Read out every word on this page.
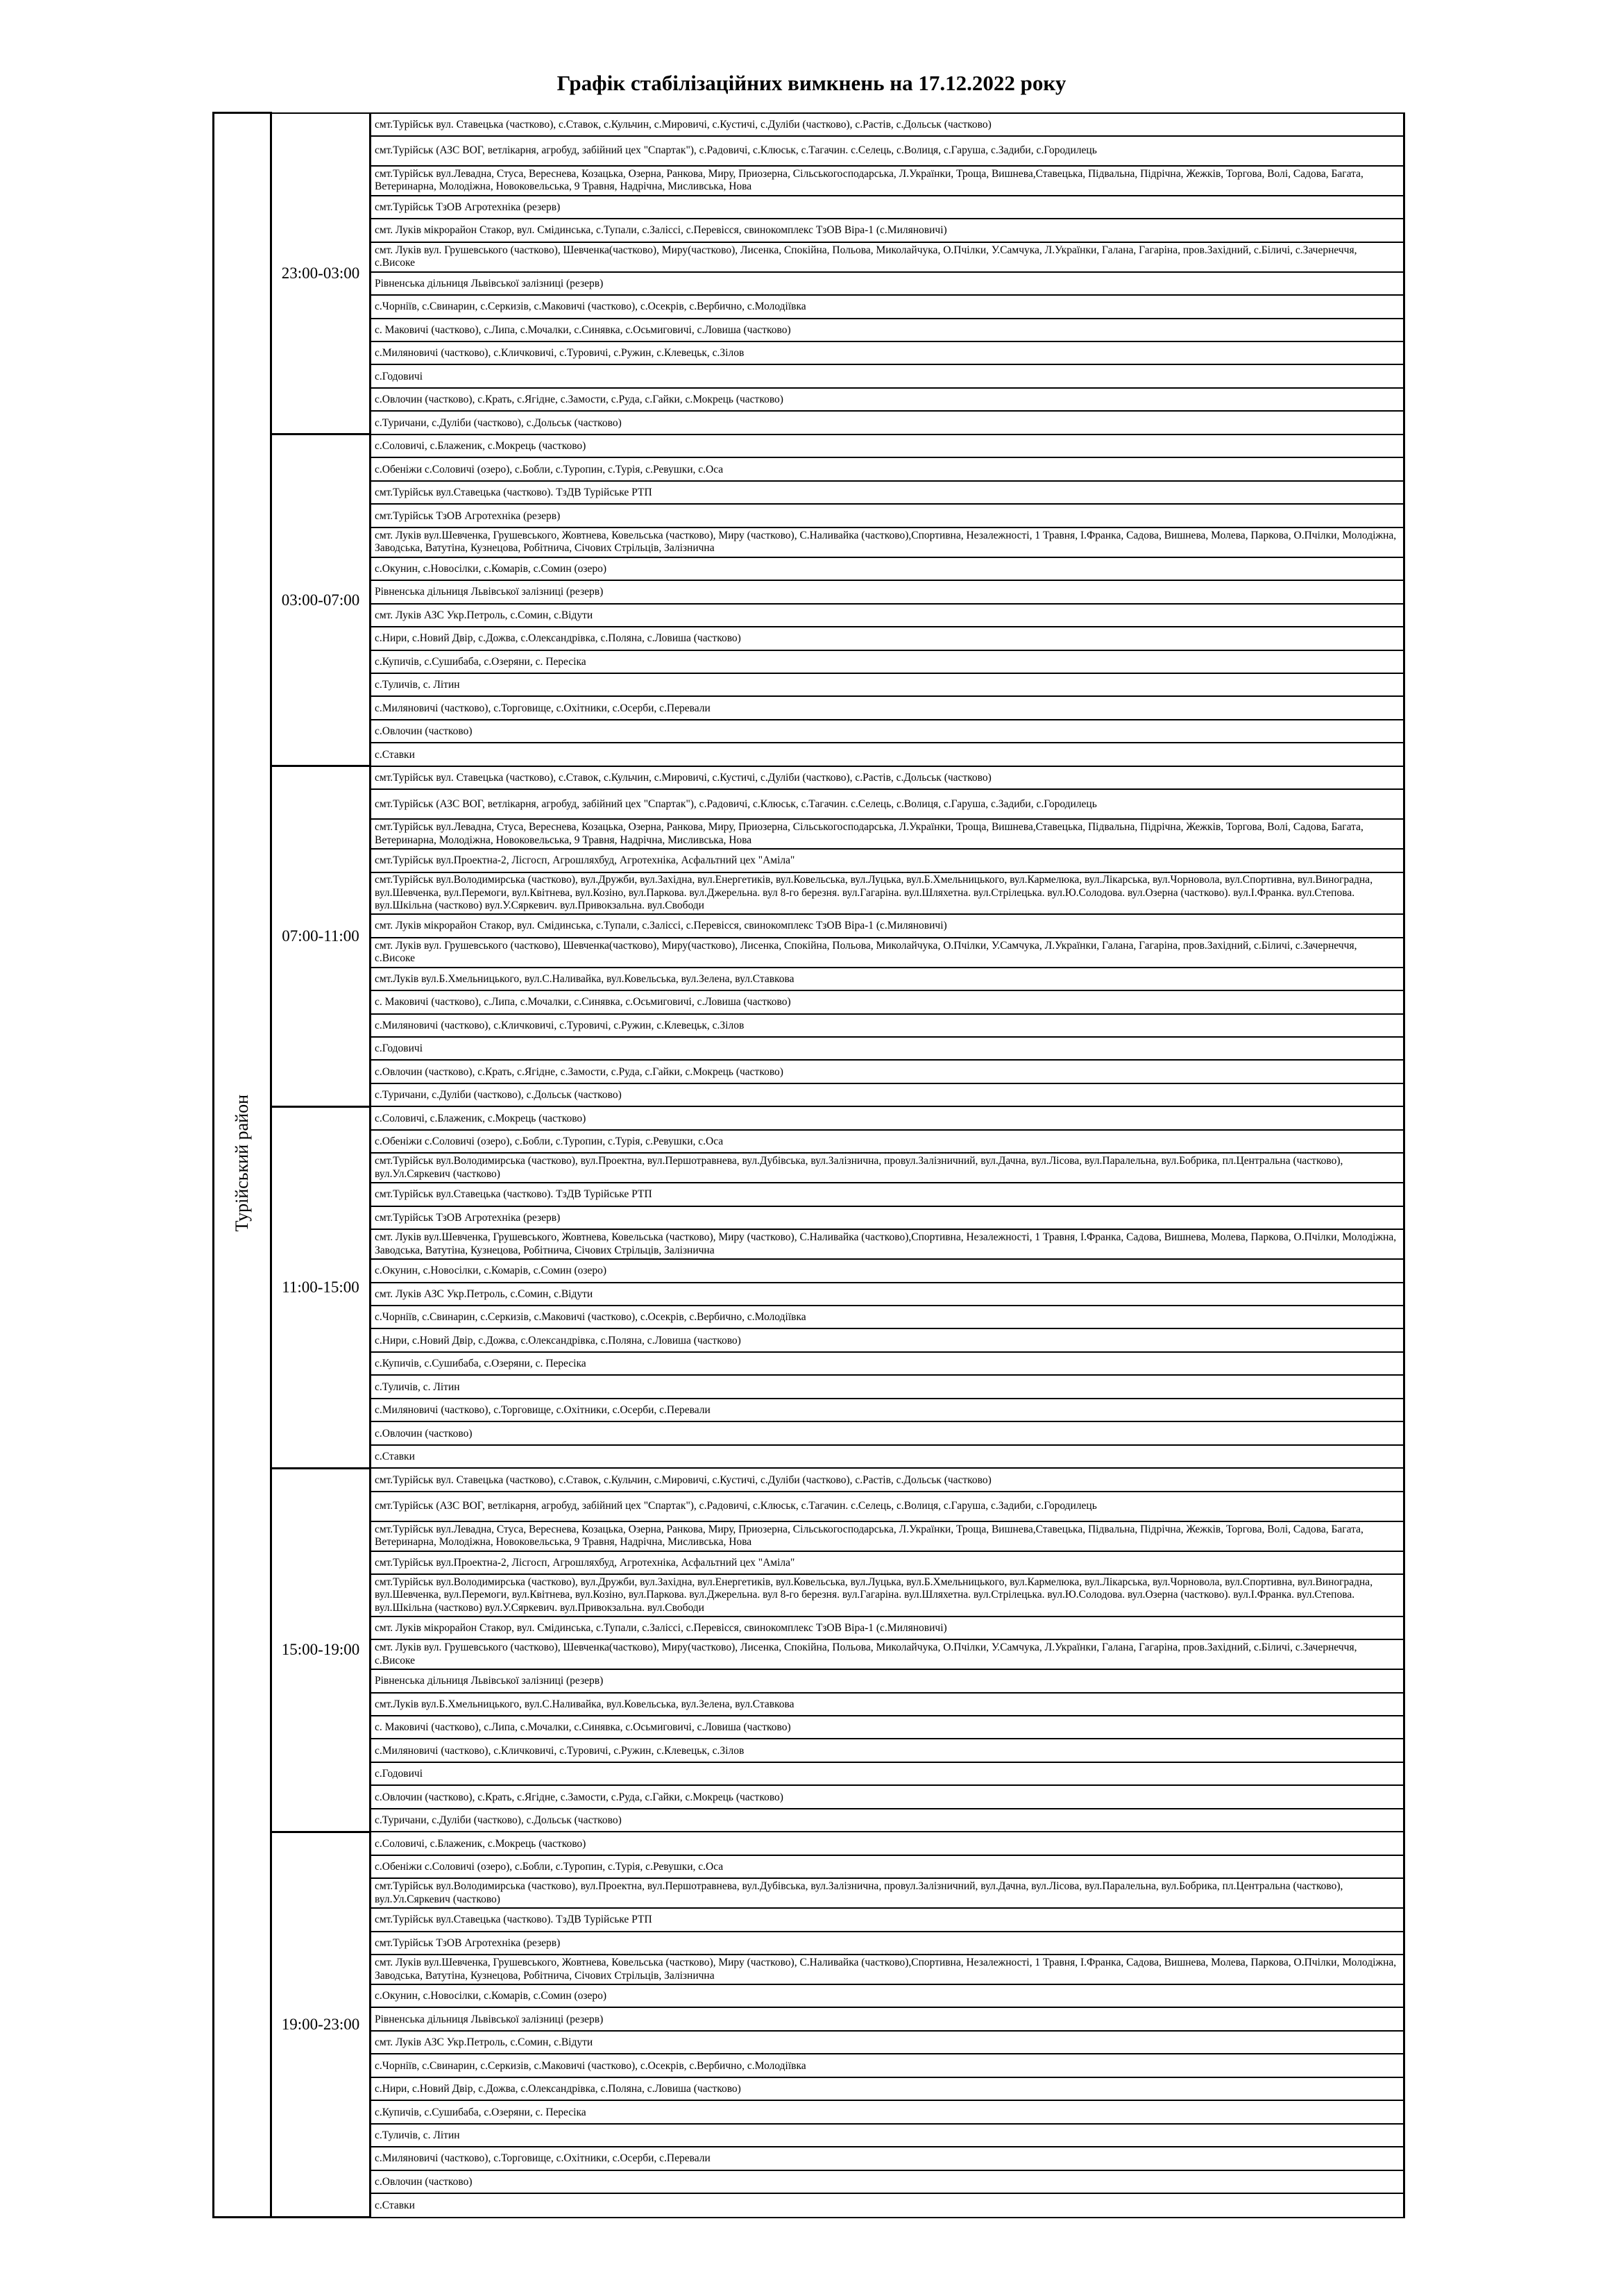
Графік стабілізаційних вимкнень на 17.12.2022 року
Турійський район	23:00-03:00	смт.Турійськ вул. Ставецька (частково), с.Ставок, с.Кульчин, с.Мировичі, с.Кустичі, с.Дуліби (частково), с.Растів, с.Дольськ (частково)
		смт.Турійськ (АЗС ВОГ, ветлікарня, агробуд, забійний цех "Спартак"), с.Радовичі, с.Клюськ, с.Тагачин. с.Селець, с.Волиця, с.Гаруша, с.Задиби, с.Городилець
		смт.Турійськ вул.Левадна, Стуса, Вереснева, Козацька, Озерна, Ранкова, Миру, Приозерна, Сільськогосподарська, Л.Українки, Троща, Вишнева,Ставецька, Підвальна, Підрічна, Жежків, Торгова, Волі, Садова, Багата, Ветеринарна, Молодіжна, Новоковельська, 9 Травня, Надрічна, Мисливська, Нова
		смт.Турійськ ТзОВ Агротехніка (резерв)
		смт. Луків мікрорайон Стакор, вул. Смідинська, с.Тупали, с.Заліссі, с.Перевісся, свинокомплекс ТзОВ Віра-1 (с.Миляновичі)
		смт. Луків вул. Грушевського (частково), Шевченка(частково), Миру(частково), Лисенка, Спокійна, Польова, Миколайчука, О.Пчілки, У.Самчука, Л.Українки, Галана, Гагаріна, пров.Західний, с.Біличі, с.Зачернеччя, с.Високе
		Рівненська дільниця Львівської залізниці (резерв)
		с.Чорніїв, с.Свинарин, с.Серкизів, с.Маковичі (частково), с.Осекрів, с.Вербично, с.Молодіївка
		с. Маковичі (частково), с.Липа, с.Мочалки, с.Синявка, с.Осьмиговичі, с.Ловиша (частково)
		с.Миляновичі (частково), с.Кличковичі, с.Туровичі, с.Ружин, с.Клевецьк, с.Зілов
		с.Годовичі
		с.Овлочин (частково), с.Крать, с.Ягідне, с.Замости, с.Руда, с.Гайки, с.Мокрець (частково)
		с.Туричани, с.Дуліби (частково), с.Дольськ (частково)
	03:00-07:00	с.Соловичі, с.Блаженик, с.Мокрець (частково)
		с.Обеніжи с.Соловичі (озеро), с.Бобли, с.Туропин, с.Турія, с.Ревушки, с.Оса
		смт.Турійськ вул.Ставецька (частково). ТзДВ Турійське РТП
		смт.Турійськ ТзОВ Агротехніка (резерв)
		смт. Луків вул.Шевченка, Грушевського, Жовтнева, Ковельська (частково), Миру (частково), С.Наливайка (частково),Спортивна, Незалежності, 1 Травня, І.Франка, Садова, Вишнева, Молева, Паркова, О.Пчілки, Молодіжна, Заводська, Ватутіна, Кузнецова, Робітнича, Січових Стрільців, Залізнична
		с.Окунин, с.Новосілки, с.Комарів, с.Сомин (озеро)
		Рівненська дільниця Львівської залізниці (резерв)
		смт. Луків АЗС Укр.Петроль, с.Сомин, с.Відути
		с.Нири, с.Новий Двір, с.Дожва, с.Олександрівка, с.Поляна, с.Ловиша (частково)
		с.Купичів, с.Сушибаба, с.Озеряни, с. Пересіка
		с.Туличів, с. Літин
		с.Миляновичі (частково), с.Торговище, с.Охітники, с.Осерби, с.Перевали
		с.Овлочин (частково)
		с.Ставки
	07:00-11:00	смт.Турійськ вул. Ставецька (частково), с.Ставок, с.Кульчин, с.Мировичі, с.Кустичі, с.Дуліби (частково), с.Растів, с.Дольськ (частково)
		смт.Турійськ (АЗС ВОГ, ветлікарня, агробуд, забійний цех "Спартак"), с.Радовичі, с.Клюськ, с.Тагачин. с.Селець, с.Волиця, с.Гаруша, с.Задиби, с.Городилець
		смт.Турійськ вул.Левадна, Стуса, Вереснева, Козацька, Озерна, Ранкова, Миру, Приозерна, Сільськогосподарська, Л.Українки, Троща, Вишнева,Ставецька, Підвальна, Підрічна, Жежків, Торгова, Волі, Садова, Багата, Ветеринарна, Молодіжна, Новоковельська, 9 Травня, Надрічна, Мисливська, Нова
		смт.Турійськ вул.Проектна-2, Лісгосп, Агрошляхбуд, Агротехніка, Асфальтний цех "Аміла"
		смт.Турійськ вул.Володимирська (частково), вул.Дружби, вул.Західна, вул.Енергетиків, вул.Ковельська, вул.Луцька, вул.Б.Хмельницького, вул.Кармелюка, вул.Лікарська, вул.Чорновола, вул.Спортивна, вул.Виноградна, вул.Шевченка, вул.Перемоги, вул.Квітнева, вул.Козіно, вул.Паркова. вул.Джерельна. вул 8-го березня. вул.Гагаріна. вул.Шляхетна. вул.Стрілецька. вул.Ю.Солодова. вул.Озерна (частково). вул.І.Франка. вул.Степова. вул.Шкільна (частково) вул.У.Сяркевич. вул.Привокзальна. вул.Свободи
		смт. Луків мікрорайон Стакор, вул. Смідинська, с.Тупали, с.Заліссі, с.Перевісся, свинокомплекс ТзОВ Віра-1 (с.Миляновичі)
		смт. Луків вул. Грушевського (частково), Шевченка(частково), Миру(частково), Лисенка, Спокійна, Польова, Миколайчука, О.Пчілки, У.Самчука, Л.Українки, Галана, Гагаріна, пров.Західний, с.Біличі, с.Зачернеччя, с.Високе
		смт.Луків вул.Б.Хмельницького, вул.С.Наливайка, вул.Ковельська, вул.Зелена, вул.Ставкова
		с. Маковичі (частково), с.Липа, с.Мочалки, с.Синявка, с.Осьмиговичі, с.Ловиша (частково)
		с.Миляновичі (частково), с.Кличковичі, с.Туровичі, с.Ружин, с.Клевецьк, с.Зілов
		с.Годовичі
		с.Овлочин (частково), с.Крать, с.Ягідне, с.Замости, с.Руда, с.Гайки, с.Мокрець (частково)
		с.Туричани, с.Дуліби (частково), с.Дольськ (частково)
	11:00-15:00	с.Соловичі, с.Блаженик, с.Мокрець (частково)
		с.Обеніжи с.Соловичі (озеро), с.Бобли, с.Туропин, с.Турія, с.Ревушки, с.Оса
		смт.Турійськ вул.Володимирська (частково), вул.Проектна, вул.Першотравнева, вул.Дубівська, вул.Залізнична, провул.Залізничний, вул.Дачна, вул.Лісова, вул.Паралельна, вул.Бобрика, пл.Центральна (частково), вул.Ул.Сяркевич (частково)
		смт.Турійськ вул.Ставецька (частково). ТзДВ Турійське РТП
		смт.Турійськ ТзОВ Агротехніка (резерв)
		смт. Луків вул.Шевченка, Грушевського, Жовтнева, Ковельська (частково), Миру (частково), С.Наливайка (частково),Спортивна, Незалежності, 1 Травня, І.Франка, Садова, Вишнева, Молева, Паркова, О.Пчілки, Молодіжна, Заводська, Ватутіна, Кузнецова, Робітнича, Січових Стрільців, Залізнична
		с.Окунин, с.Новосілки, с.Комарів, с.Сомин (озеро)
		смт. Луків АЗС Укр.Петроль, с.Сомин, с.Відути
		с.Чорніїв, с.Свинарин, с.Серкизів, с.Маковичі (частково), с.Осекрів, с.Вербично, с.Молодіївка
		с.Нири, с.Новий Двір, с.Дожва, с.Олександрівка, с.Поляна, с.Ловиша (частково)
		с.Купичів, с.Сушибаба, с.Озеряни, с. Пересіка
		с.Туличів, с. Літин
		с.Миляновичі (частково), с.Торговище, с.Охітники, с.Осерби, с.Перевали
		с.Овлочин (частково)
		с.Ставки
	15:00-19:00	смт.Турійськ вул. Ставецька (частково), с.Ставок, с.Кульчин, с.Мировичі, с.Кустичі, с.Дуліби (частково), с.Растів, с.Дольськ (частково)
		смт.Турійськ (АЗС ВОГ, ветлікарня, агробуд, забійний цех "Спартак"), с.Радовичі, с.Клюськ, с.Тагачин. с.Селець, с.Волиця, с.Гаруша, с.Задиби, с.Городилець
		смт.Турійськ вул.Левадна, Стуса, Вереснева, Козацька, Озерна, Ранкова, Миру, Приозерна, Сільськогосподарська, Л.Українки, Троща, Вишнева,Ставецька, Підвальна, Підрічна, Жежків, Торгова, Волі, Садова, Багата, Ветеринарна, Молодіжна, Новоковельська, 9 Травня, Надрічна, Мисливська, Нова
		смт.Турійськ вул.Проектна-2, Лісгосп, Агрошляхбуд, Агротехніка, Асфальтний цех "Аміла"
		смт.Турійськ вул.Володимирська (частково), вул.Дружби, вул.Західна, вул.Енергетиків, вул.Ковельська, вул.Луцька, вул.Б.Хмельницького, вул.Кармелюка, вул.Лікарська, вул.Чорновола, вул.Спортивна, вул.Виноградна, вул.Шевченка, вул.Перемоги, вул.Квітнева, вул.Козіно, вул.Паркова. вул.Джерельна. вул 8-го березня. вул.Гагаріна. вул.Шляхетна. вул.Стрілецька. вул.Ю.Солодова. вул.Озерна (частково). вул.І.Франка. вул.Степова. вул.Шкільна (частково) вул.У.Сяркевич. вул.Привокзальна. вул.Свободи
		смт. Луків мікрорайон Стакор, вул. Смідинська, с.Тупали, с.Заліссі, с.Перевісся, свинокомплекс ТзОВ Віра-1 (с.Миляновичі)
		смт. Луків вул. Грушевського (частково), Шевченка(частково), Миру(частково), Лисенка, Спокійна, Польова, Миколайчука, О.Пчілки, У.Самчука, Л.Українки, Галана, Гагаріна, пров.Західний, с.Біличі, с.Зачернеччя, с.Високе
		Рівненська дільниця Львівської залізниці (резерв)
		смт.Луків вул.Б.Хмельницького, вул.С.Наливайка, вул.Ковельська, вул.Зелена, вул.Ставкова
		с. Маковичі (частково), с.Липа, с.Мочалки, с.Синявка, с.Осьмиговичі, с.Ловиша (частково)
		с.Миляновичі (частково), с.Кличковичі, с.Туровичі, с.Ружин, с.Клевецьк, с.Зілов
		с.Годовичі
		с.Овлочин (частково), с.Крать, с.Ягідне, с.Замости, с.Руда, с.Гайки, с.Мокрець (частково)
		с.Туричани, с.Дуліби (частково), с.Дольськ (частково)
	19:00-23:00	с.Соловичі, с.Блаженик, с.Мокрець (частково)
		с.Обеніжи с.Соловичі (озеро), с.Бобли, с.Туропин, с.Турія, с.Ревушки, с.Оса
		смт.Турійськ вул.Володимирська (частково), вул.Проектна, вул.Першотравнева, вул.Дубівська, вул.Залізнична, провул.Залізничний, вул.Дачна, вул.Лісова, вул.Паралельна, вул.Бобрика, пл.Центральна (частково), вул.Ул.Сяркевич (частково)
		смт.Турійськ вул.Ставецька (частково). ТзДВ Турійське РТП
		смт.Турійськ ТзОВ Агротехніка (резерв)
		смт. Луків вул.Шевченка, Грушевського, Жовтнева, Ковельська (частково), Миру (частково), С.Наливайка (частково),Спортивна, Незалежності, 1 Травня, І.Франка, Садова, Вишнева, Молева, Паркова, О.Пчілки, Молодіжна, Заводська, Ватутіна, Кузнецова, Робітнича, Січових Стрільців, Залізнична
		с.Окунин, с.Новосілки, с.Комарів, с.Сомин (озеро)
		Рівненська дільниця Львівської залізниці (резерв)
		смт. Луків АЗС Укр.Петроль, с.Сомин, с.Відути
		с.Чорніїв, с.Свинарин, с.Серкизів, с.Маковичі (частково), с.Осекрів, с.Вербично, с.Молодіївка
		с.Нири, с.Новий Двір, с.Дожва, с.Олександрівка, с.Поляна, с.Ловиша (частково)
		с.Купичів, с.Сушибаба, с.Озеряни, с. Пересіка
		с.Туличів, с. Літин
		с.Миляновичі (частково), с.Торговище, с.Охітники, с.Осерби, с.Перевали
		с.Овлочин (частково)
		с.Ставки
